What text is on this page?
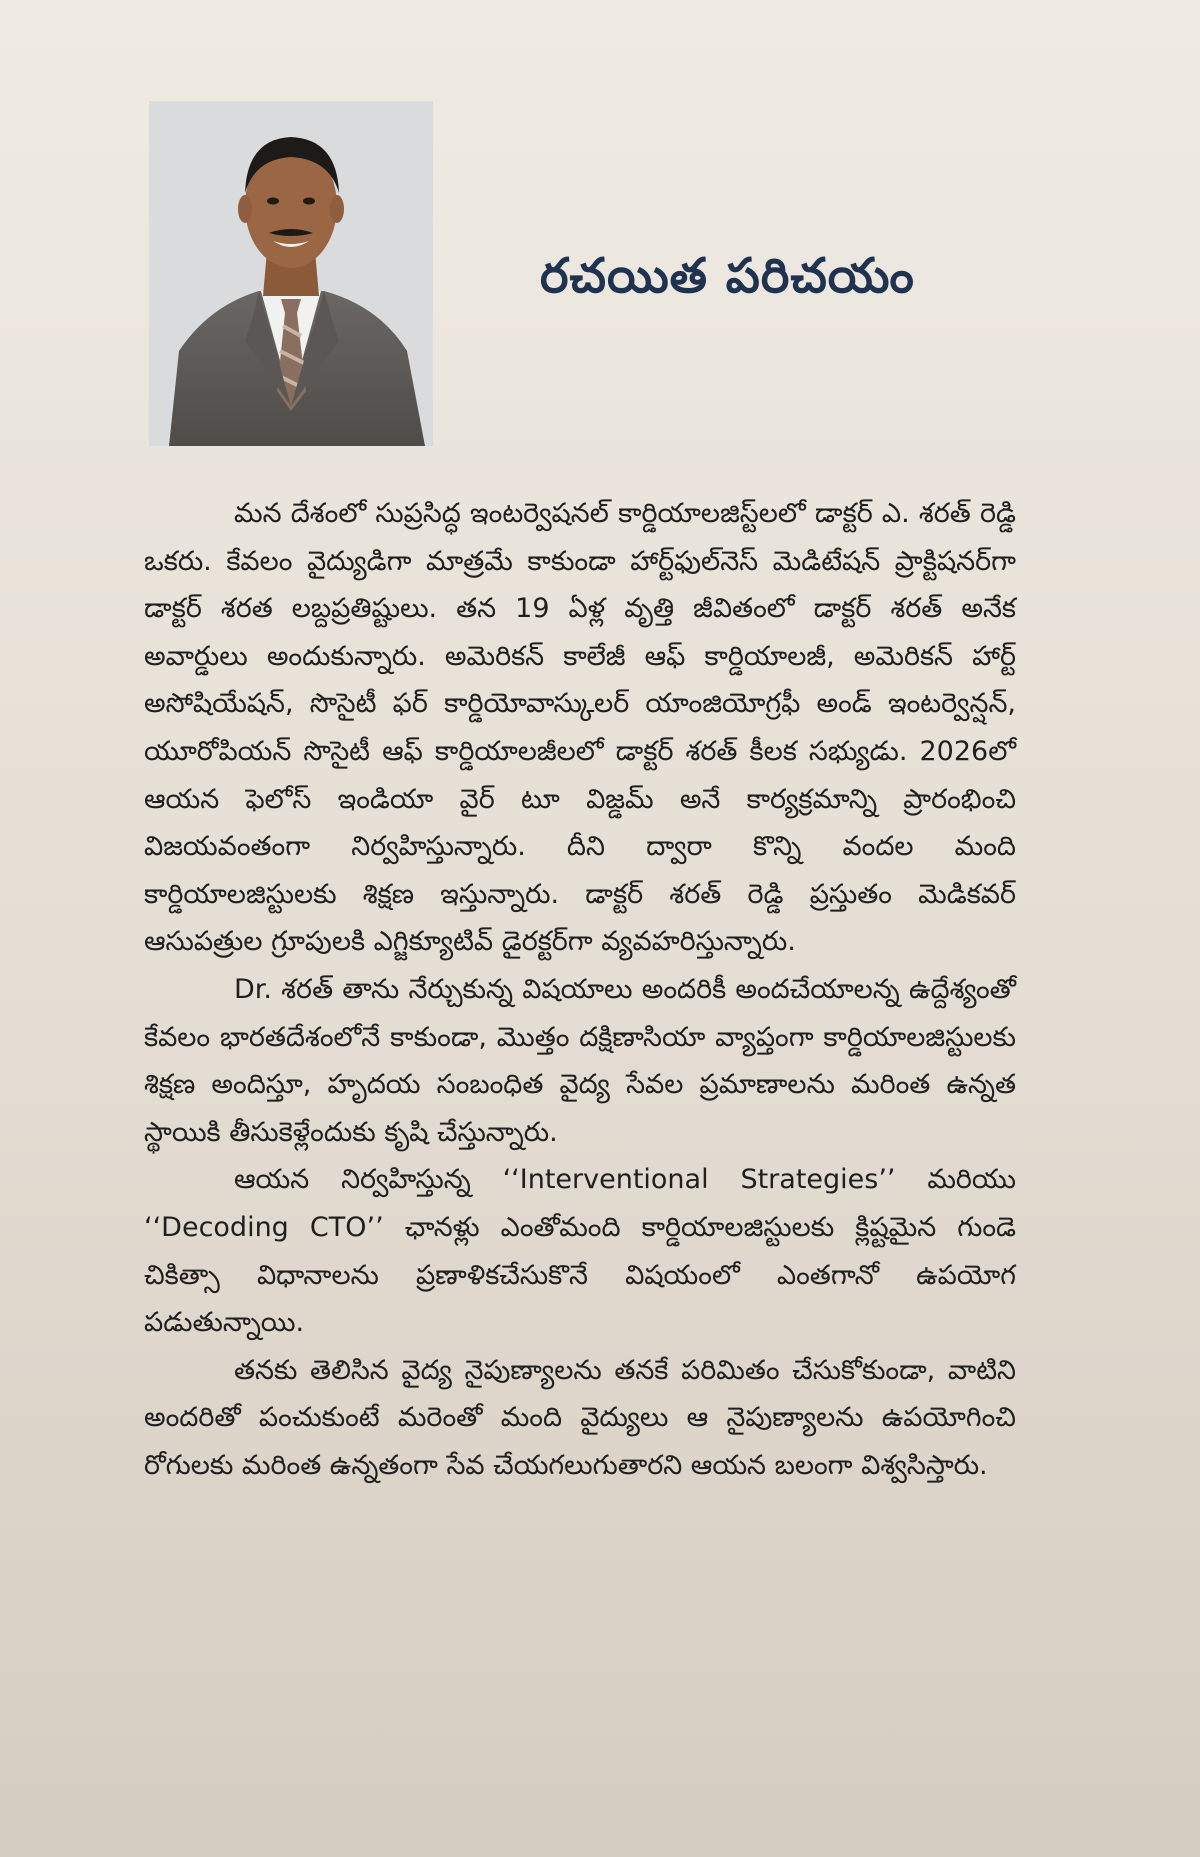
రచయిత పరిచయం

మన దేశంలో సుప్రసిద్ధ ఇంటర్వెషనల్ కార్డియాలజిస్ట్‌లలో డాక్టర్ ఎ. శరత్ రెడ్డి ఒకరు. కేవలం వైద్యుడిగా మాత్రమే కాకుండా హార్ట్‌ఫుల్‌నెస్ మెడిటేషన్ ప్రాక్టిషనర్‌గా డాక్టర్ శరత లబ్దప్రతిష్టులు. తన 19 ఏళ్ల వృత్తి జీవితంలో డాక్టర్ శరత్ అనేక అవార్డులు అందుకున్నారు. అమెరికన్ కాలేజీ ఆఫ్ కార్డియాలజీ, అమెరికన్ హార్ట్ అసోషియేషన్, సొసైటీ ఫర్ కార్డియోవాస్కులర్ యాంజియోగ్రఫీ అండ్ ఇంటర్వెన్షన్, యూరోపియన్ సొసైటీ ఆఫ్ కార్డియాలజీలలో డాక్టర్ శరత్ కీలక సభ్యుడు. 2026లో ఆయన ఫెలోస్ ఇండియా వైర్ టూ విజ్డమ్ అనే కార్యక్రమాన్ని ప్రారంభించి విజయవంతంగా నిర్వహిస్తున్నారు. దీని ద్వారా కొన్ని వందల మంది కార్డియాలజిస్టులకు శిక్షణ ఇస్తున్నారు. డాక్టర్ శరత్ రెడ్డి ప్రస్తుతం మెడికవర్ ఆసుపత్రుల గ్రూపులకి ఎగ్జిక్యూటివ్ డైరక్టర్‌గా వ్యవహరిస్తున్నారు.

Dr. శరత్ తాను నేర్చుకున్న విషయాలు అందరికీ అందచేయాలన్న ఉద్దేశ్యంతో కేవలం భారతదేశంలోనే కాకుండా, మొత్తం దక్షిణాసియా వ్యాప్తంగా కార్డియాలజిస్టులకు శిక్షణ అందిస్తూ, హృదయ సంబంధిత వైద్య సేవల ప్రమాణాలను మరింత ఉన్నత స్థాయికి తీసుకెళ్లేందుకు కృషి చేస్తున్నారు.

ఆయన నిర్వహిస్తున్న ‘‘Interventional Strategies’’ మరియు ‘‘Decoding CTO’’ ఛానళ్లు ఎంతోమంది కార్డియాలజిస్టులకు క్లిష్టమైన గుండె చికిత్సా విధానాలను ప్రణాళికచేసుకొనే విషయంలో ఎంతగానో ఉపయోగ పడుతున్నాయి.

తనకు తెలిసిన వైద్య నైపుణ్యాలను తనకే పరిమితం చేసుకోకుండా, వాటిని అందరితో పంచుకుంటే మరెంతో మంది వైద్యులు ఆ నైపుణ్యాలను ఉపయోగించి రోగులకు మరింత ఉన్నతంగా సేవ చేయగలుగుతారని ఆయన బలంగా విశ్వసిస్తారు.
